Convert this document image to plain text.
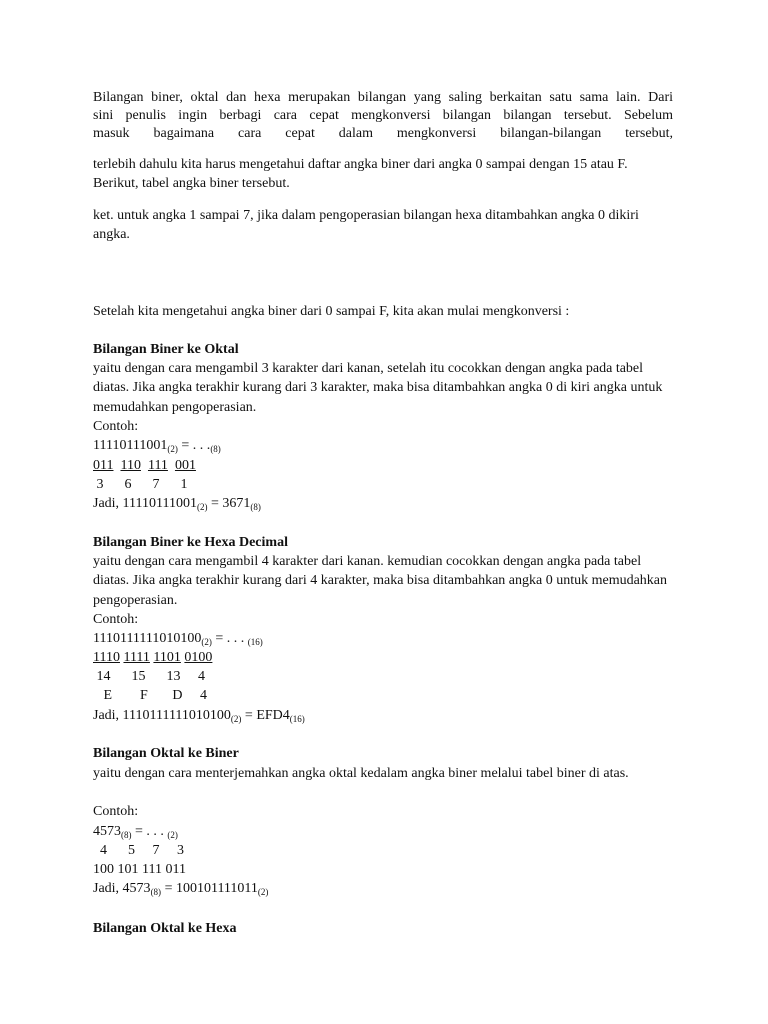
Bilangan biner, oktal dan hexa merupakan bilangan yang saling berkaitan satu sama lain. Dari
sini penulis ingin berbagi cara cepat mengkonversi bilangan bilangan tersebut. Sebelum
masuk bagaimana cara cepat dalam mengkonversi bilangan-bilangan tersebut,

terlebih dahulu kita harus mengetahui daftar angka biner dari angka 0 sampai dengan 15 atau F. Berikut, tabel angka biner tersebut.

ket. untuk angka 1 sampai 7, jika dalam pengoperasian bilangan hexa ditambahkan angka 0 dikiri angka.

Setelah kita mengetahui angka biner dari 0 sampai F, kita akan mulai mengkonversi :

Bilangan Biner ke Oktal

yaitu dengan cara mengambil 3 karakter dari kanan, setelah itu cocokkan dengan angka pada tabel diatas. Jika angka terakhir kurang dari 3 karakter, maka bisa ditambahkan angka 0 di kiri angka untuk memudahkan pengoperasian.

Contoh:
$11110111001_{(2)}$ = . . $._{(8)}$
011 110 111 001
3      6      7      1
Jadi, $11110111001_{(2)} = 3671_{(8)}$
Bilangan Biner ke Hexa Decimal

yaitu dengan cara mengambil 4 karakter dari kanan. kemudian cocokkan dengan angka pada tabel diatas. Jika angka terakhir kurang dari 4 karakter, maka bisa ditambahkan angka 0 untuk memudahkan pengoperasian.

Contoh:
$1110111111010100_{(2)}$ = . . . $_{(16)}$
1110 1111 1101 0100
14      15      13     4
E        F       D     4
Jadi, $1110111111010100_{(2)} = EFD4_{(16)}$
Bilangan Oktal ke Biner

yaitu dengan cara menterjemahkan angka oktal kedalam angka biner melalui tabel biner di atas.

Contoh:
$4573_{(8)}$ = . . . $_{(2)}$
4      5     7     3
100 101 111 011
Jadi, $4573_{(8)} = 100101111011_{(2)}$
Bilangan Oktal ke Hexa
